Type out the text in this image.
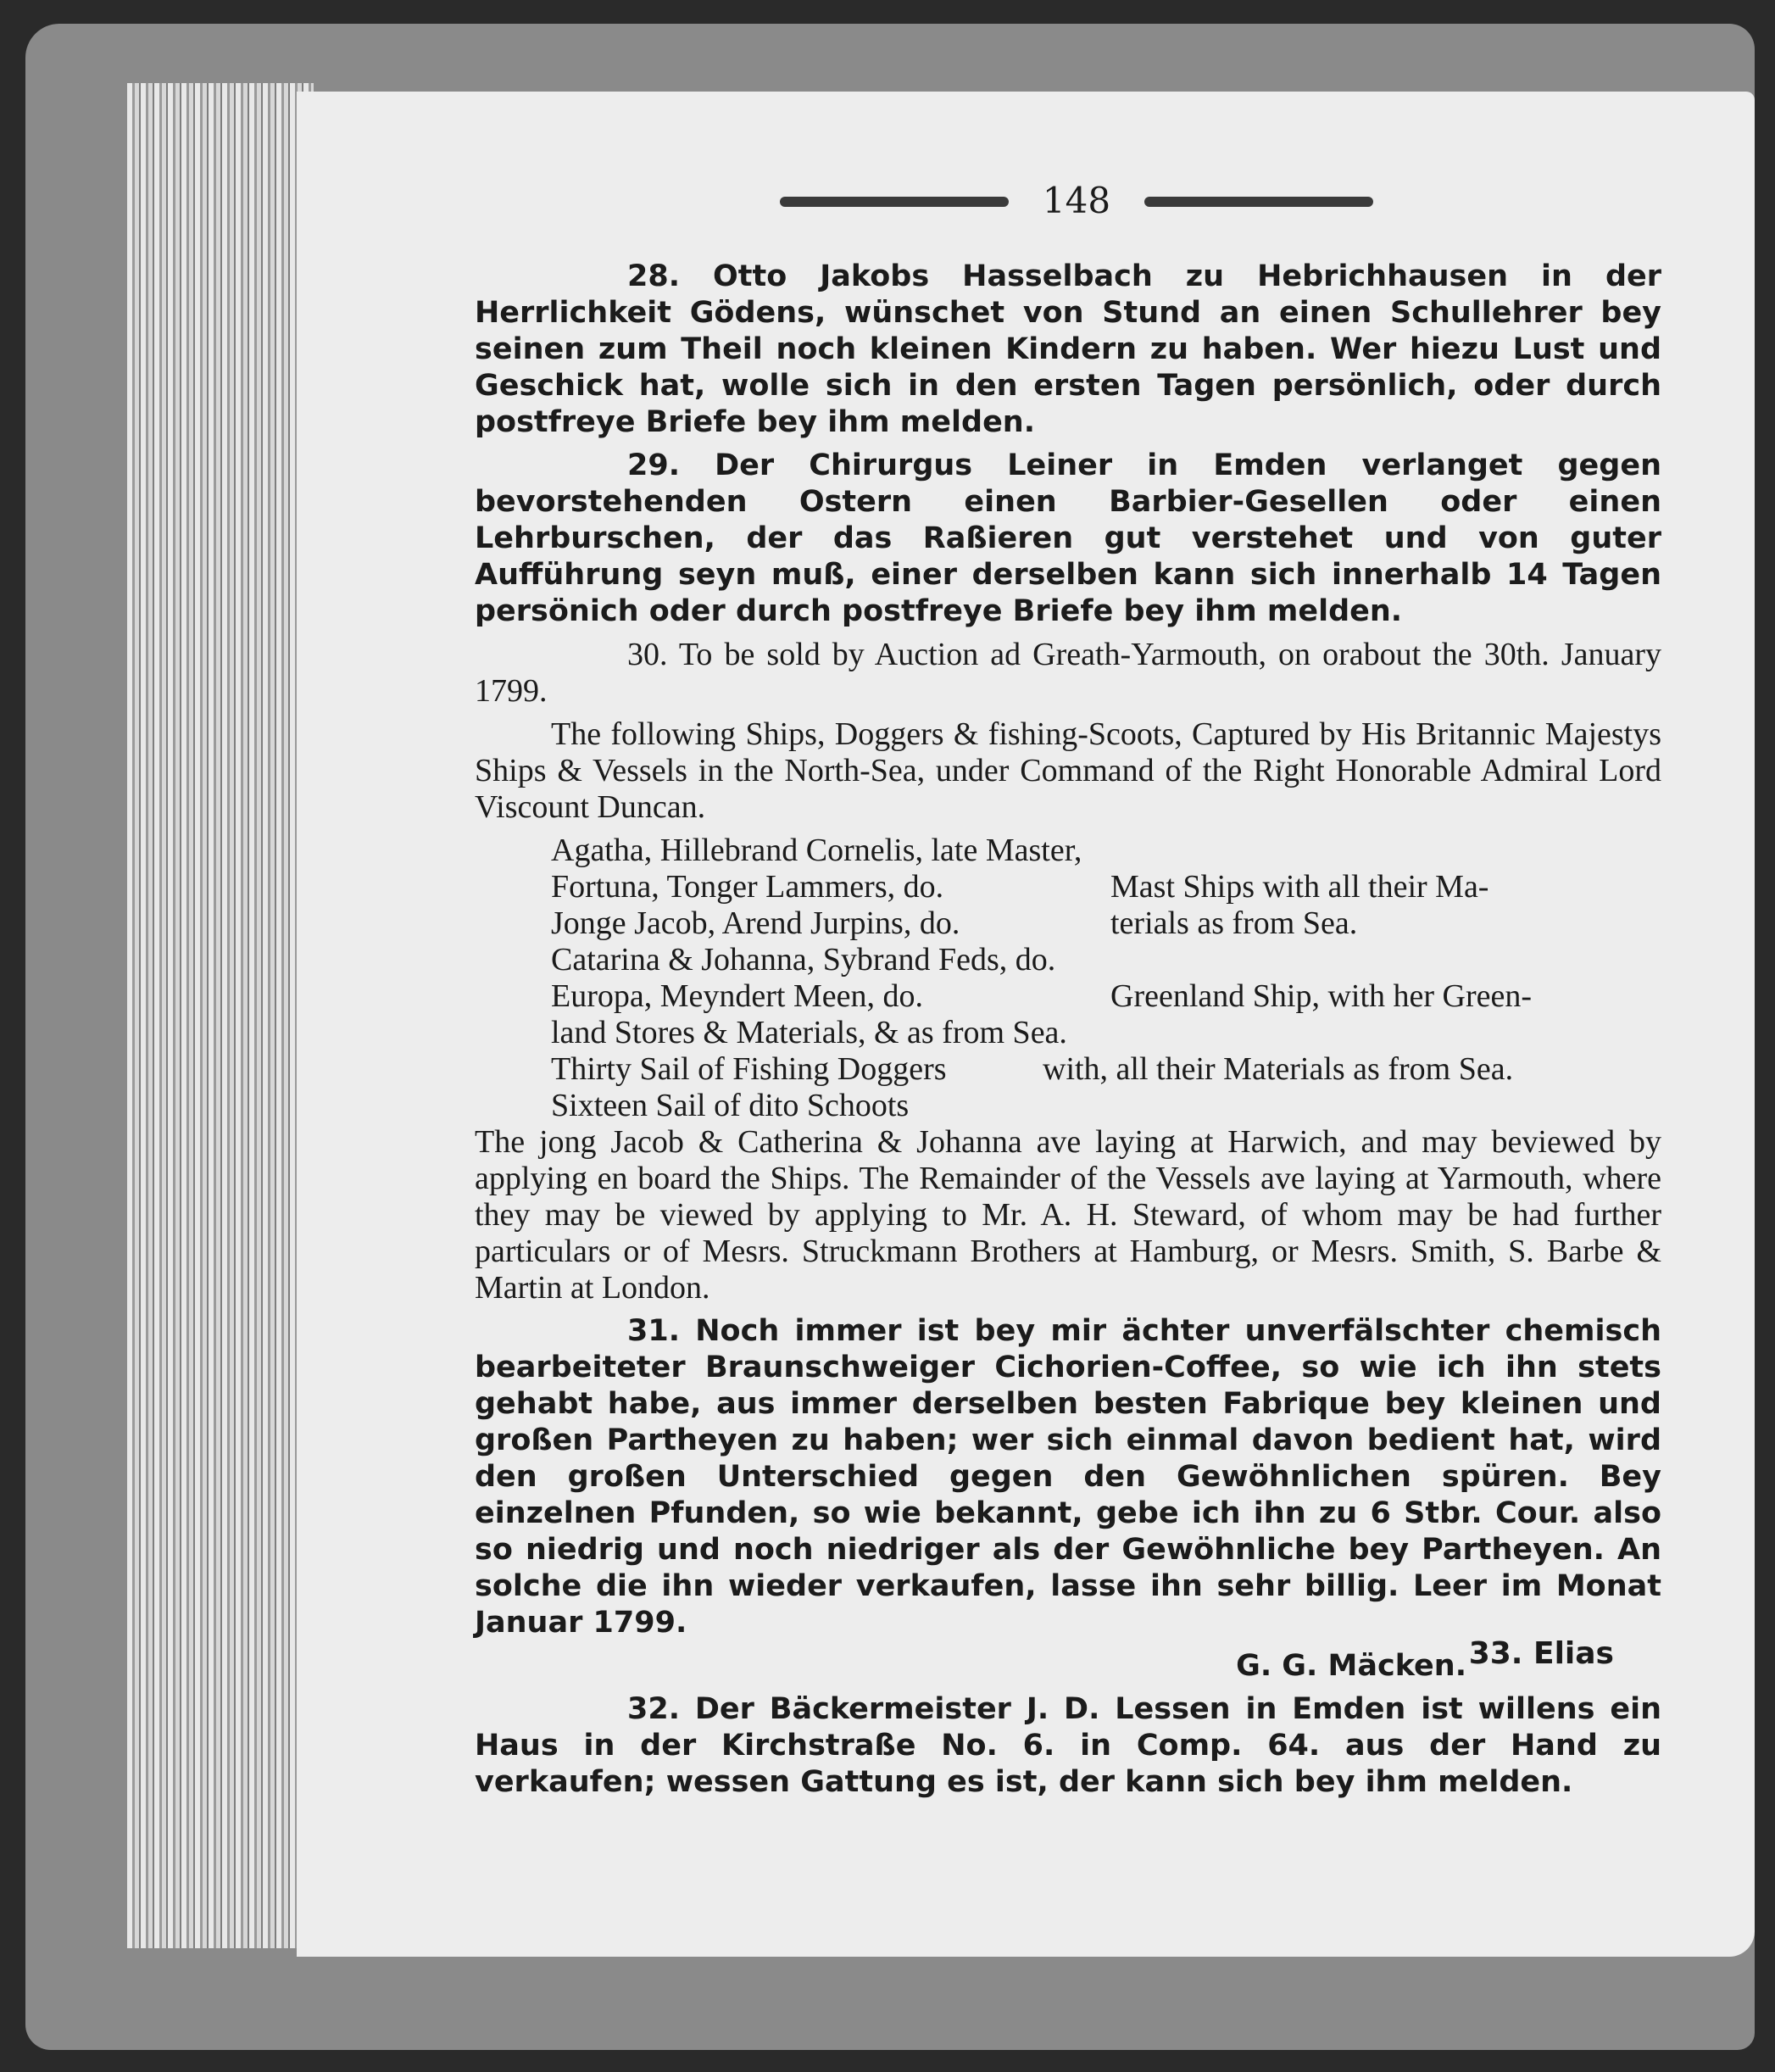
148

28. Otto Jakobs Hasselbach zu Hebrichhausen in der Herrlichkeit Gödens, wünschet von Stund an einen Schullehrer bey seinen zum Theil noch kleinen Kindern zu haben. Wer hiezu Lust und Geschick hat, wolle sich in den ersten Tagen persönlich, oder durch postfreye Briefe bey ihm melden.

29. Der Chirurgus Leiner in Emden verlanget gegen bevorstehenden Ostern einen Barbier-Gesellen oder einen Lehrburschen, der das Raßieren gut verstehet und von guter Aufführung seyn muß, einer derselben kann sich innerhalb 14 Tagen persönich oder durch postfreye Briefe bey ihm melden.

30. To be sold by Auction ad Greath-Yarmouth, on orabout the 30th. January 1799.

The following Ships, Doggers & fishing-Scoots, Captured by His Britannic Majestys Ships & Vessels in the North-Sea, under Command of the Right Honorable Admiral Lord Viscount Duncan.

Agatha, Hillebrand Cornelis, late Master,
Fortuna, Tonger Lammers, do.	Mast Ships with all their Ma-
Jonge Jacob, Arend Jurpins, do.	terials as from Sea.
Catarina & Johanna, Sybrand Feds, do.
Europa, Meyndert Meen, do.	Greenland Ship, with her Green-
land Stores & Materials, & as from Sea.
Thirty Sail of Fishing Doggers	with, all their Materials as from Sea.
Sixteen Sail of dito Schoots

The jong Jacob & Catherina & Johanna ave laying at Harwich, and may beviewed by applying en board the Ships. The Remainder of the Vessels ave laying at Yarmouth, where they may be viewed by applying to Mr. A. H. Steward, of whom may be had further particulars or of Mesrs. Struckmann Brothers at Hamburg, or Mesrs. Smith, S. Barbe & Martin at London.

31. Noch immer ist bey mir ächter unverfälschter chemisch bearbeiteter Braunschweiger Cichorien-Coffee, so wie ich ihn stets gehabt habe, aus immer derselben besten Fabrique bey kleinen und großen Partheyen zu haben; wer sich einmal davon bedient hat, wird den großen Unterschied gegen den Gewöhnlichen spüren. Bey einzelnen Pfunden, so wie bekannt, gebe ich ihn zu 6 Stbr. Cour. also so niedrig und noch niedriger als der Gewöhnliche bey Partheyen. An solche die ihn wieder verkaufen, lasse ihn sehr billig. Leer im Monat Januar 1799.

G. G. Mäcken.

32. Der Bäckermeister J. D. Lessen in Emden ist willens ein Haus in der Kirchstraße No. 6. in Comp. 64. aus der Hand zu verkaufen; wessen Gattung es ist, der kann sich bey ihm melden.

33. Elias
